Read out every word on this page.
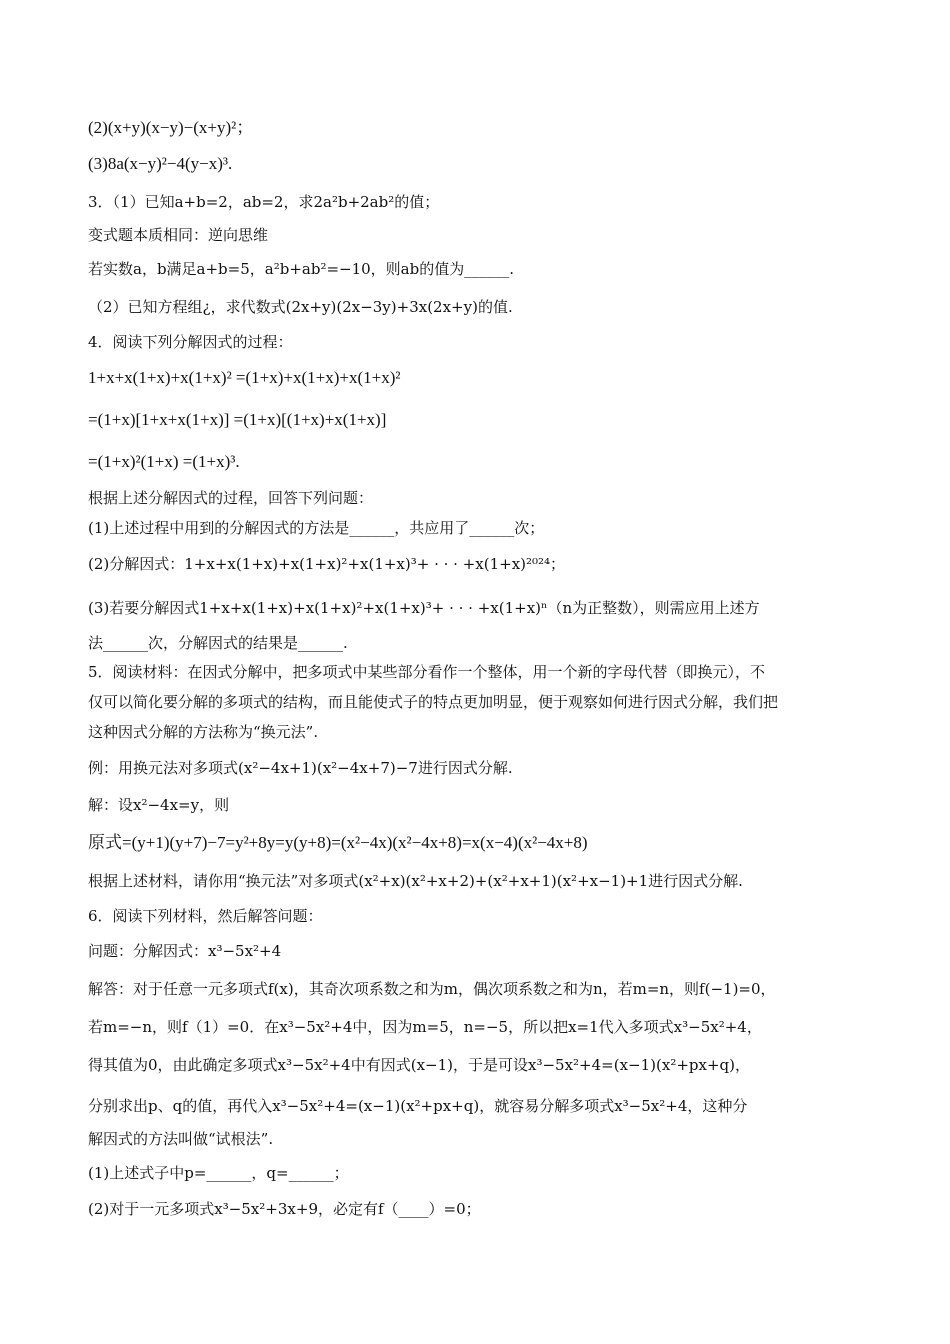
(2)(x+y)(x−y)−(x+y)²；
(3)8a(x−y)²−4(y−x)³.
3．（1）已知a+b=2，ab=2，求2a²b+2ab²的值；
变式题本质相同：逆向思维
若实数a，b满足a+b=5，a²b+ab²=−10，则ab的值为______.
（2）已知方程组¿，求代数式(2x+y)(2x−3y)+3x(2x+y)的值.
4．阅读下列分解因式的过程：
1+x+x(1+x)+x(1+x)² =(1+x)+x(1+x)+x(1+x)²
=(1+x)[1+x+x(1+x)] =(1+x)[(1+x)+x(1+x)]
=(1+x)²(1+x) =(1+x)³.
根据上述分解因式的过程，回答下列问题：
(1)上述过程中用到的分解因式的方法是______，共应用了______次；
(2)分解因式：1+x+x(1+x)+x(1+x)²+x(1+x)³+ · · · +x(1+x)²⁰²⁴；
(3)若要分解因式1+x+x(1+x)+x(1+x)²+x(1+x)³+ · · · +x(1+x)ⁿ（n为正整数），则需应用上述方
法______次，分解因式的结果是______.
5．阅读材料：在因式分解中，把多项式中某些部分看作一个整体，用一个新的字母代替（即换元），不
仅可以简化要分解的多项式的结构，而且能使式子的特点更加明显，便于观察如何进行因式分解，我们把
这种因式分解的方法称为“换元法”.
例：用换元法对多项式(x²−4x+1)(x²−4x+7)−7进行因式分解.
解：设x²−4x=y，则
原式=(y+1)(y+7)−7=y²+8y=y(y+8)=(x²−4x)(x²−4x+8)=x(x−4)(x²−4x+8)
根据上述材料，请你用“换元法”对多项式(x²+x)(x²+x+2)+(x²+x+1)(x²+x−1)+1进行因式分解.
6．阅读下列材料，然后解答问题：
问题：分解因式：x³−5x²+4
解答：对于任意一元多项式f(x)，其奇次项系数之和为m，偶次项系数之和为n，若m=n，则f(−1)=0，
若m=−n，则f（1）=0．在x³−5x²+4中，因为m=5，n=−5，所以把x=1代入多项式x³−5x²+4，
得其值为0，由此确定多项式x³−5x²+4中有因式(x−1)，于是可设x³−5x²+4=(x−1)(x²+px+q)，
分别求出p、q的值，再代入x³−5x²+4=(x−1)(x²+px+q)，就容易分解多项式x³−5x²+4，这种分
解因式的方法叫做“试根法”.
(1)上述式子中p=______，q=______；
(2)对于一元多项式x³−5x²+3x+9，必定有f（____）=0；
